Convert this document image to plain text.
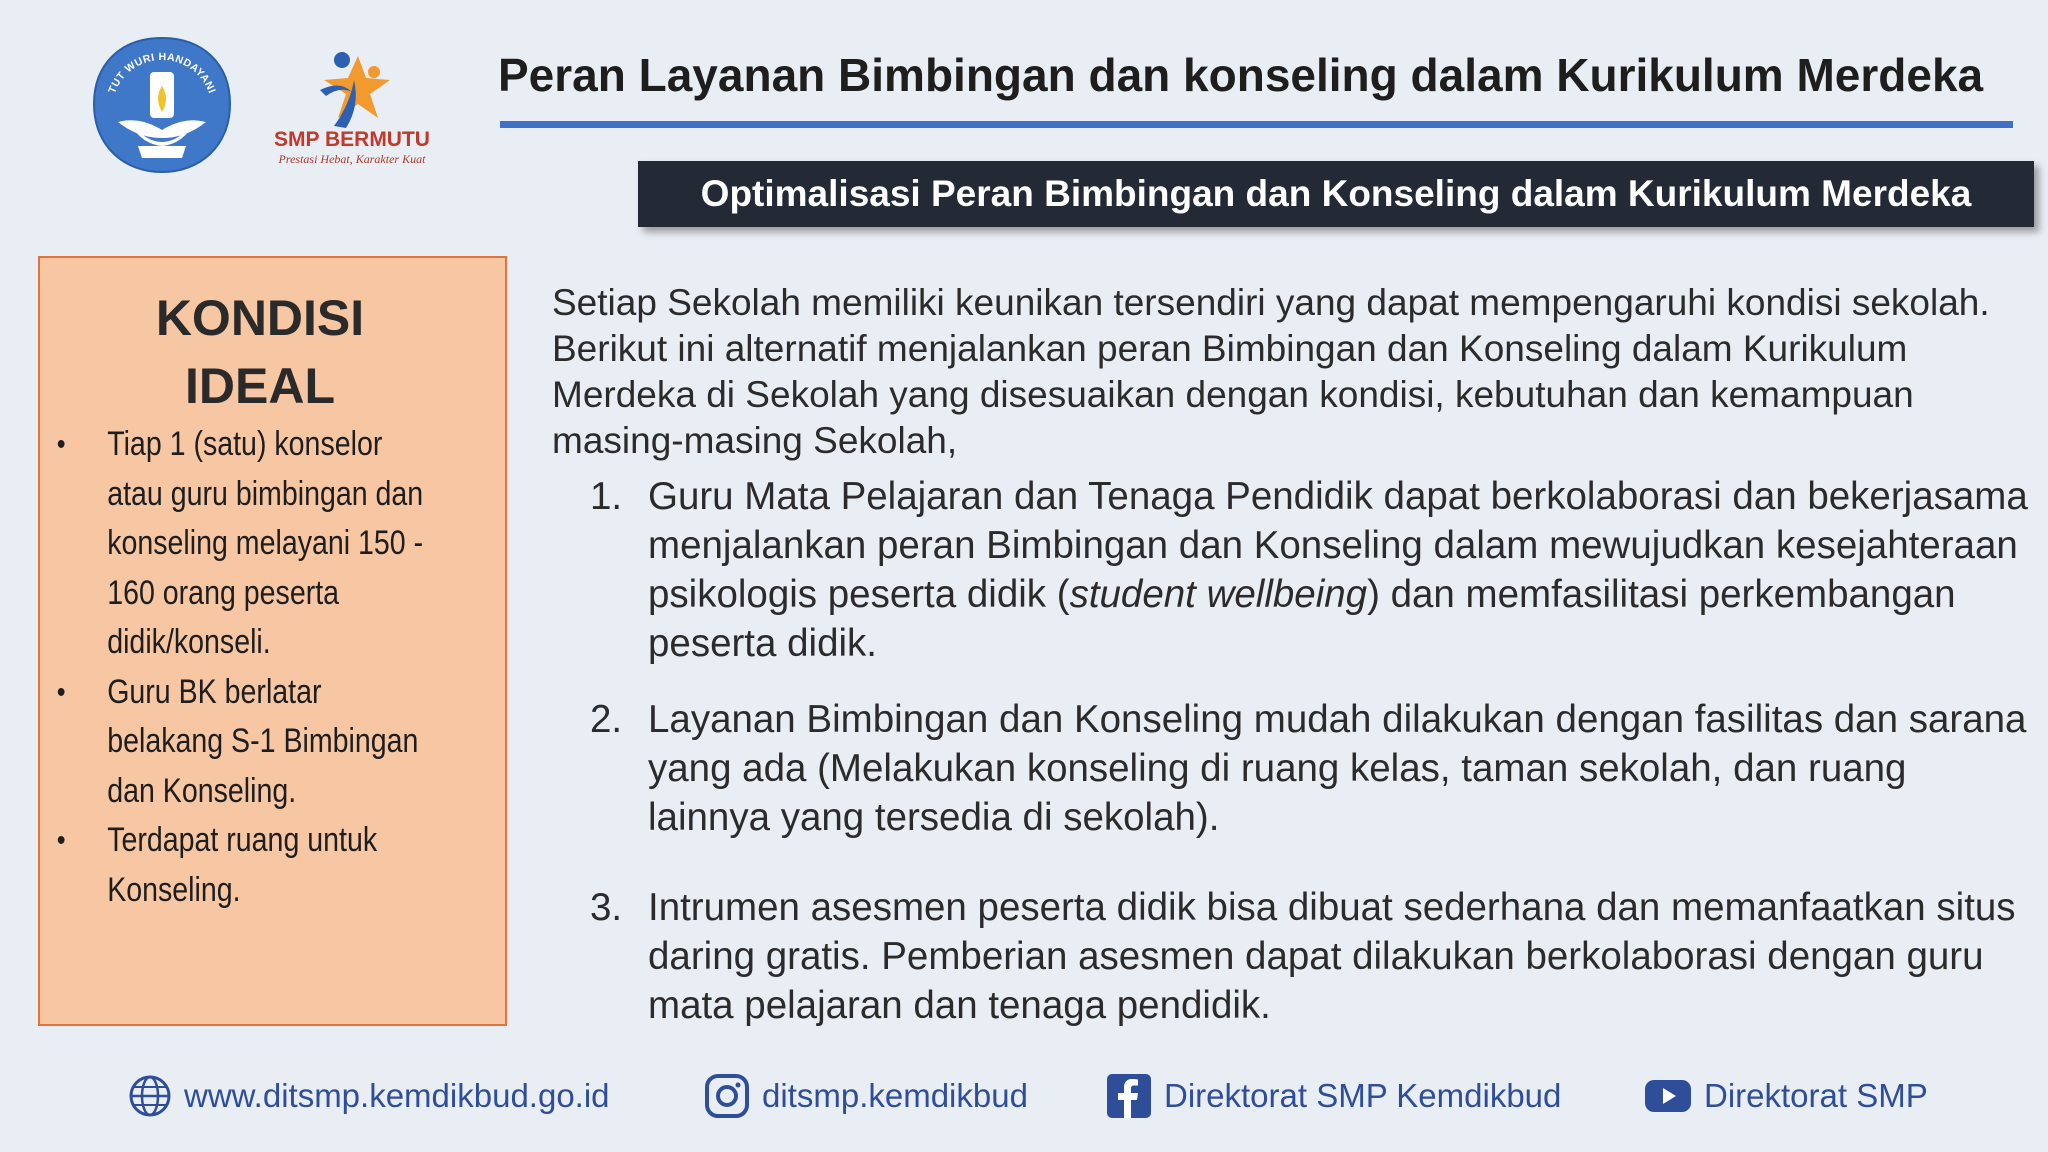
TUT WURI HANDAYANI
SMP BERMUTU
Prestasi Hebat, Karakter Kuat
Peran Layanan Bimbingan dan konseling dalam Kurikulum Merdeka
Optimalisasi Peran Bimbingan dan Konseling dalam Kurikulum Merdeka
KONDISI
IDEAL
• Tiap 1 (satu) konselor atau guru bimbingan dan konseling melayani 150 - 160 orang peserta didik/konseli.
• Guru BK berlatar belakang S-1 Bimbingan dan Konseling.
• Terdapat ruang untuk Konseling.

Setiap Sekolah memiliki keunikan tersendiri yang dapat mempengaruhi kondisi sekolah. Berikut ini alternatif menjalankan peran Bimbingan dan Konseling dalam Kurikulum Merdeka di Sekolah yang disesuaikan dengan kondisi, kebutuhan dan kemampuan masing-masing Sekolah,

1. Guru Mata Pelajaran dan Tenaga Pendidik dapat berkolaborasi dan bekerjasama menjalankan peran Bimbingan dan Konseling dalam mewujudkan kesejahteraan psikologis peserta didik (student wellbeing) dan memfasilitasi perkembangan peserta didik.
2. Layanan Bimbingan dan Konseling mudah dilakukan dengan fasilitas dan sarana yang ada (Melakukan konseling di ruang kelas, taman sekolah, dan ruang lainnya yang tersedia di sekolah).
3. Intrumen asesmen peserta didik bisa dibuat sederhana dan memanfaatkan situs daring gratis. Pemberian asesmen dapat dilakukan berkolaborasi dengan guru mata pelajaran dan tenaga pendidik.
www.ditsmp.kemdikbud.go.id	ditsmp.kemdikbud	Direktorat SMP Kemdikbud	Direktorat SMP
